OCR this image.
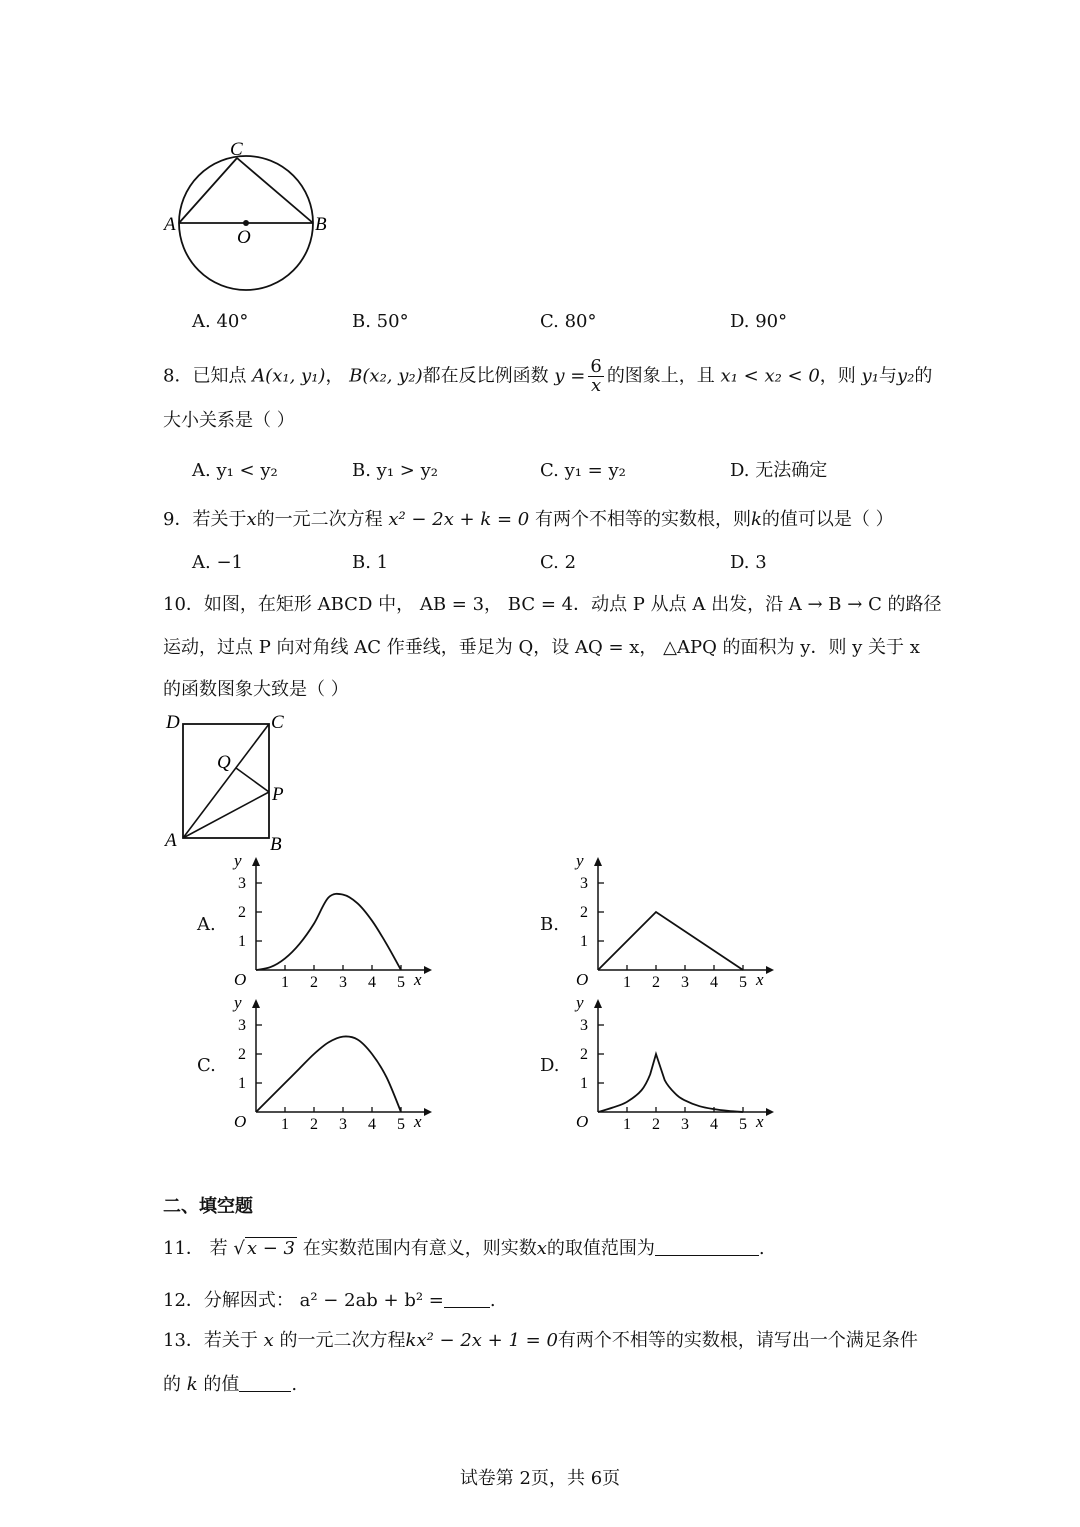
C
A	B
O
A. 40°	B. 50°	C. 80°	D. 90°
8．已知点 A(x₁, y₁)， B(x₂, y₂)都在反比例函数 $y = \frac{6}{x}$ 的图象上，且 x₁ < x₂ < 0，则 y₁与y₂的
大小关系是（ ）
A. y₁ < y₂	B. y₁ > y₂	C. y₁ = y₂	D. 无法确定
9．若关于x的一元二次方程 x² − 2x + k = 0 有两个不相等的实数根，则k的值可以是（ ）
A. −1	B. 1	C. 2	D. 3
10．如图，在矩形 ABCD 中， AB = 3， BC = 4．动点 P 从点 A 出发，沿 A → B → C 的路径
运动，过点 P 向对角线 AC 作垂线，垂足为 Q，设 AQ = x， △APQ 的面积为 y．则 y 关于 x
的函数图象大致是（ ）
D	C
Q
P
A	B
A.	B.
C.	D.
y
x
O 1 2 3 4 5
1
2
3
y
x
O 1 2 3 4 5
1
2
3
y
x
O 1 2 3 4 5
1
2
3
y
x
O 1 2 3 4 5
1
2
3
二、填空题
11． 若 √ x − 3 在实数范围内有意义，则实数x的取值范围为	.
12．分解因式： a² − 2ab + b² =	.
13．若关于 x 的一元二次方程kx² − 2x + 1 = 0有两个不相等的实数根，请写出一个满足条件
的 k 的值	.
试卷第 2页，共 6页
